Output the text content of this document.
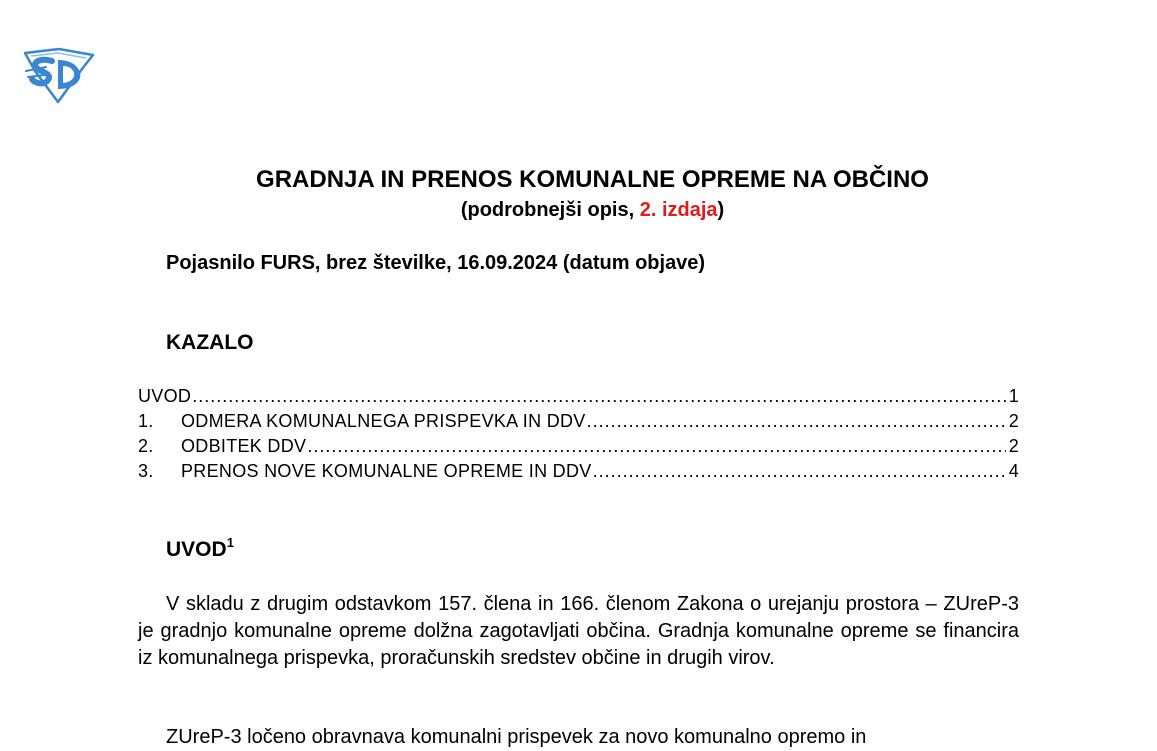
GRADNJA IN PRENOS KOMUNALNE OPREME NA OBČINO
(podrobnejši opis, 2. izdaja)
Pojasnilo FURS, brez številke, 16.09.2024 (datum objave)
KAZALO
UVOD .....	1
1.	ODMERA KOMUNALNEGA PRISPEVKA IN DDV .....	2
2.	ODBITEK DDV .....	2
3.	PRENOS NOVE KOMUNALNE OPREME IN DDV .....	4
UVOD$^1$

V skladu z drugim odstavkom 157. člena in 166. členom Zakona o urejanju prostora – ZUreP-3 je gradnjo komunalne opreme dolžna zagotavljati občina. Gradnja komunalne opreme se financira iz komunalnega prispevka, proračunskih sredstev občine in drugih virov.

ZUreP-3 ločeno obravnava komunalni prispevek za novo komunalno opremo in
